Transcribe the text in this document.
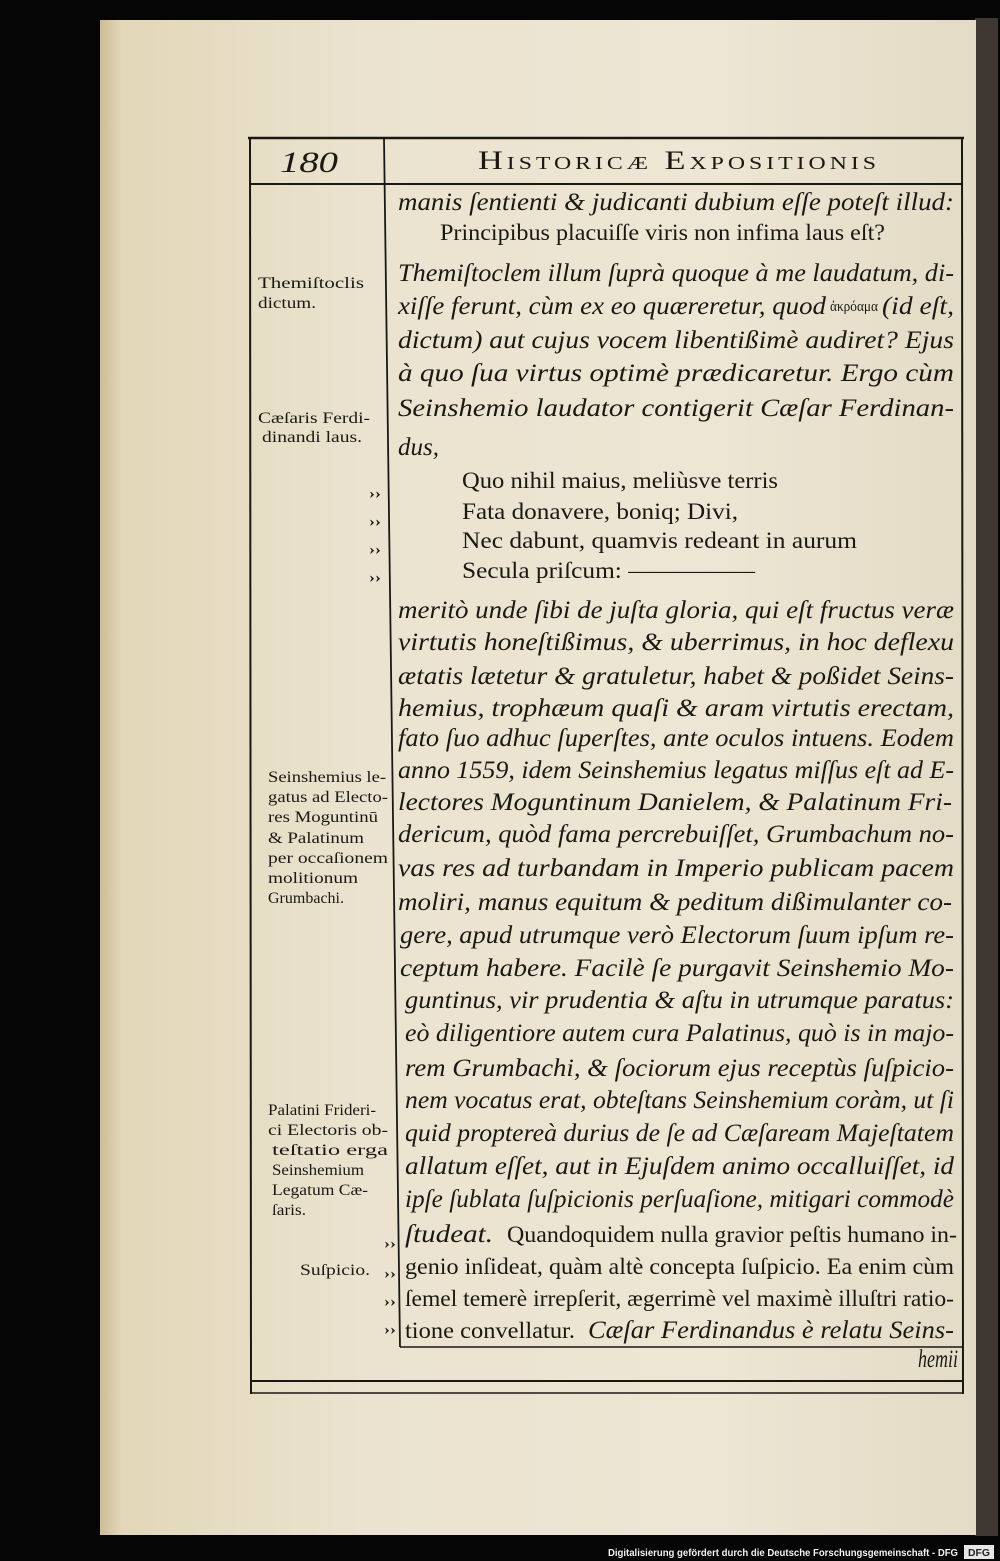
180	Historicæ Expositionis
manis ſentienti & judicanti dubium eſſe poteſt illud:
Principibus placuiſſe viris non infima laus eſt?
Themiſtoclem illum ſuprà quoque à me laudatum, di-
xiſſe ferunt, cùm ex eo quæreretur, quod ἀκρόαμα (id eſt,
dictum) aut cujus vocem libentißimè audiret? Ejus
à quo ſua virtus optimè prædicaretur. Ergo cùm
Seinshemio laudator contigerit Cæſar Ferdinan-
dus,
Quo nihil maius, meliùsve terris
Fata donavere, boniq; Divi,
Nec dabunt, quamvis redeant in aurum
Secula priſcum: —————
meritò unde ſibi de juſta gloria, qui eſt fructus veræ
virtutis honeſtißimus, & uberrimus, in hoc deflexu
ætatis lætetur & gratuletur, habet & poßidet Seins-
hemius, trophæum quaſi & aram virtutis erectam,
fato ſuo adhuc ſuperſtes, ante oculos intuens. Eodem
anno 1559, idem Seinshemius legatus miſſus eſt ad E-
lectores Moguntinum Danielem, & Palatinum Fri-
dericum, quòd fama percrebuiſſet, Grumbachum no-
vas res ad turbandam in Imperio publicam pacem
moliri, manus equitum & peditum dißimulanter co-
gere, apud utrumque verò Electorum ſuum ipſum re-
ceptum habere. Facilè ſe purgavit Seinshemio Mo-
guntinus, vir prudentia & aſtu in utrumque paratus:
eò diligentiore autem cura Palatinus, quò is in majo-
rem Grumbachi, & ſociorum ejus receptùs ſuſpicio-
nem vocatus erat, obteſtans Seinshemium coràm, ut ſi
quid proptereà durius de ſe ad Cæſaream Majeſtatem
allatum eſſet, aut in Ejuſdem animo occalluiſſet, id
ipſe ſublata ſuſpicionis perſuaſione, mitigari commodè
ſtudeat. Quandoquidem nulla gravior peſtis humano in-
genio inſideat, quàm altè concepta ſuſpicio. Ea enim cùm
ſemel temerè irrepſerit, ægerrimè vel maximè illuſtri ratio-
tione convellatur. Cæſar Ferdinandus è relatu Seins-
hemii
Themiſtoclis
dictum.
Cæſaris Ferdi-
dinandi laus.
Seinshemius le-
gatus ad Electo-
res Moguntinū
& Palatinum
per occaſionem
molitionum
Grumbachi.
Palatini Frideri-
ci Electoris ob-
teſtatio erga
Seinshemium
Legatum Cæ-
ſaris.
Suſpicio.
››
››
››
››
››
››
››
››
Digitalisierung gefördert durch die Deutsche Forschungsgemeinschaft - DFG DFG
